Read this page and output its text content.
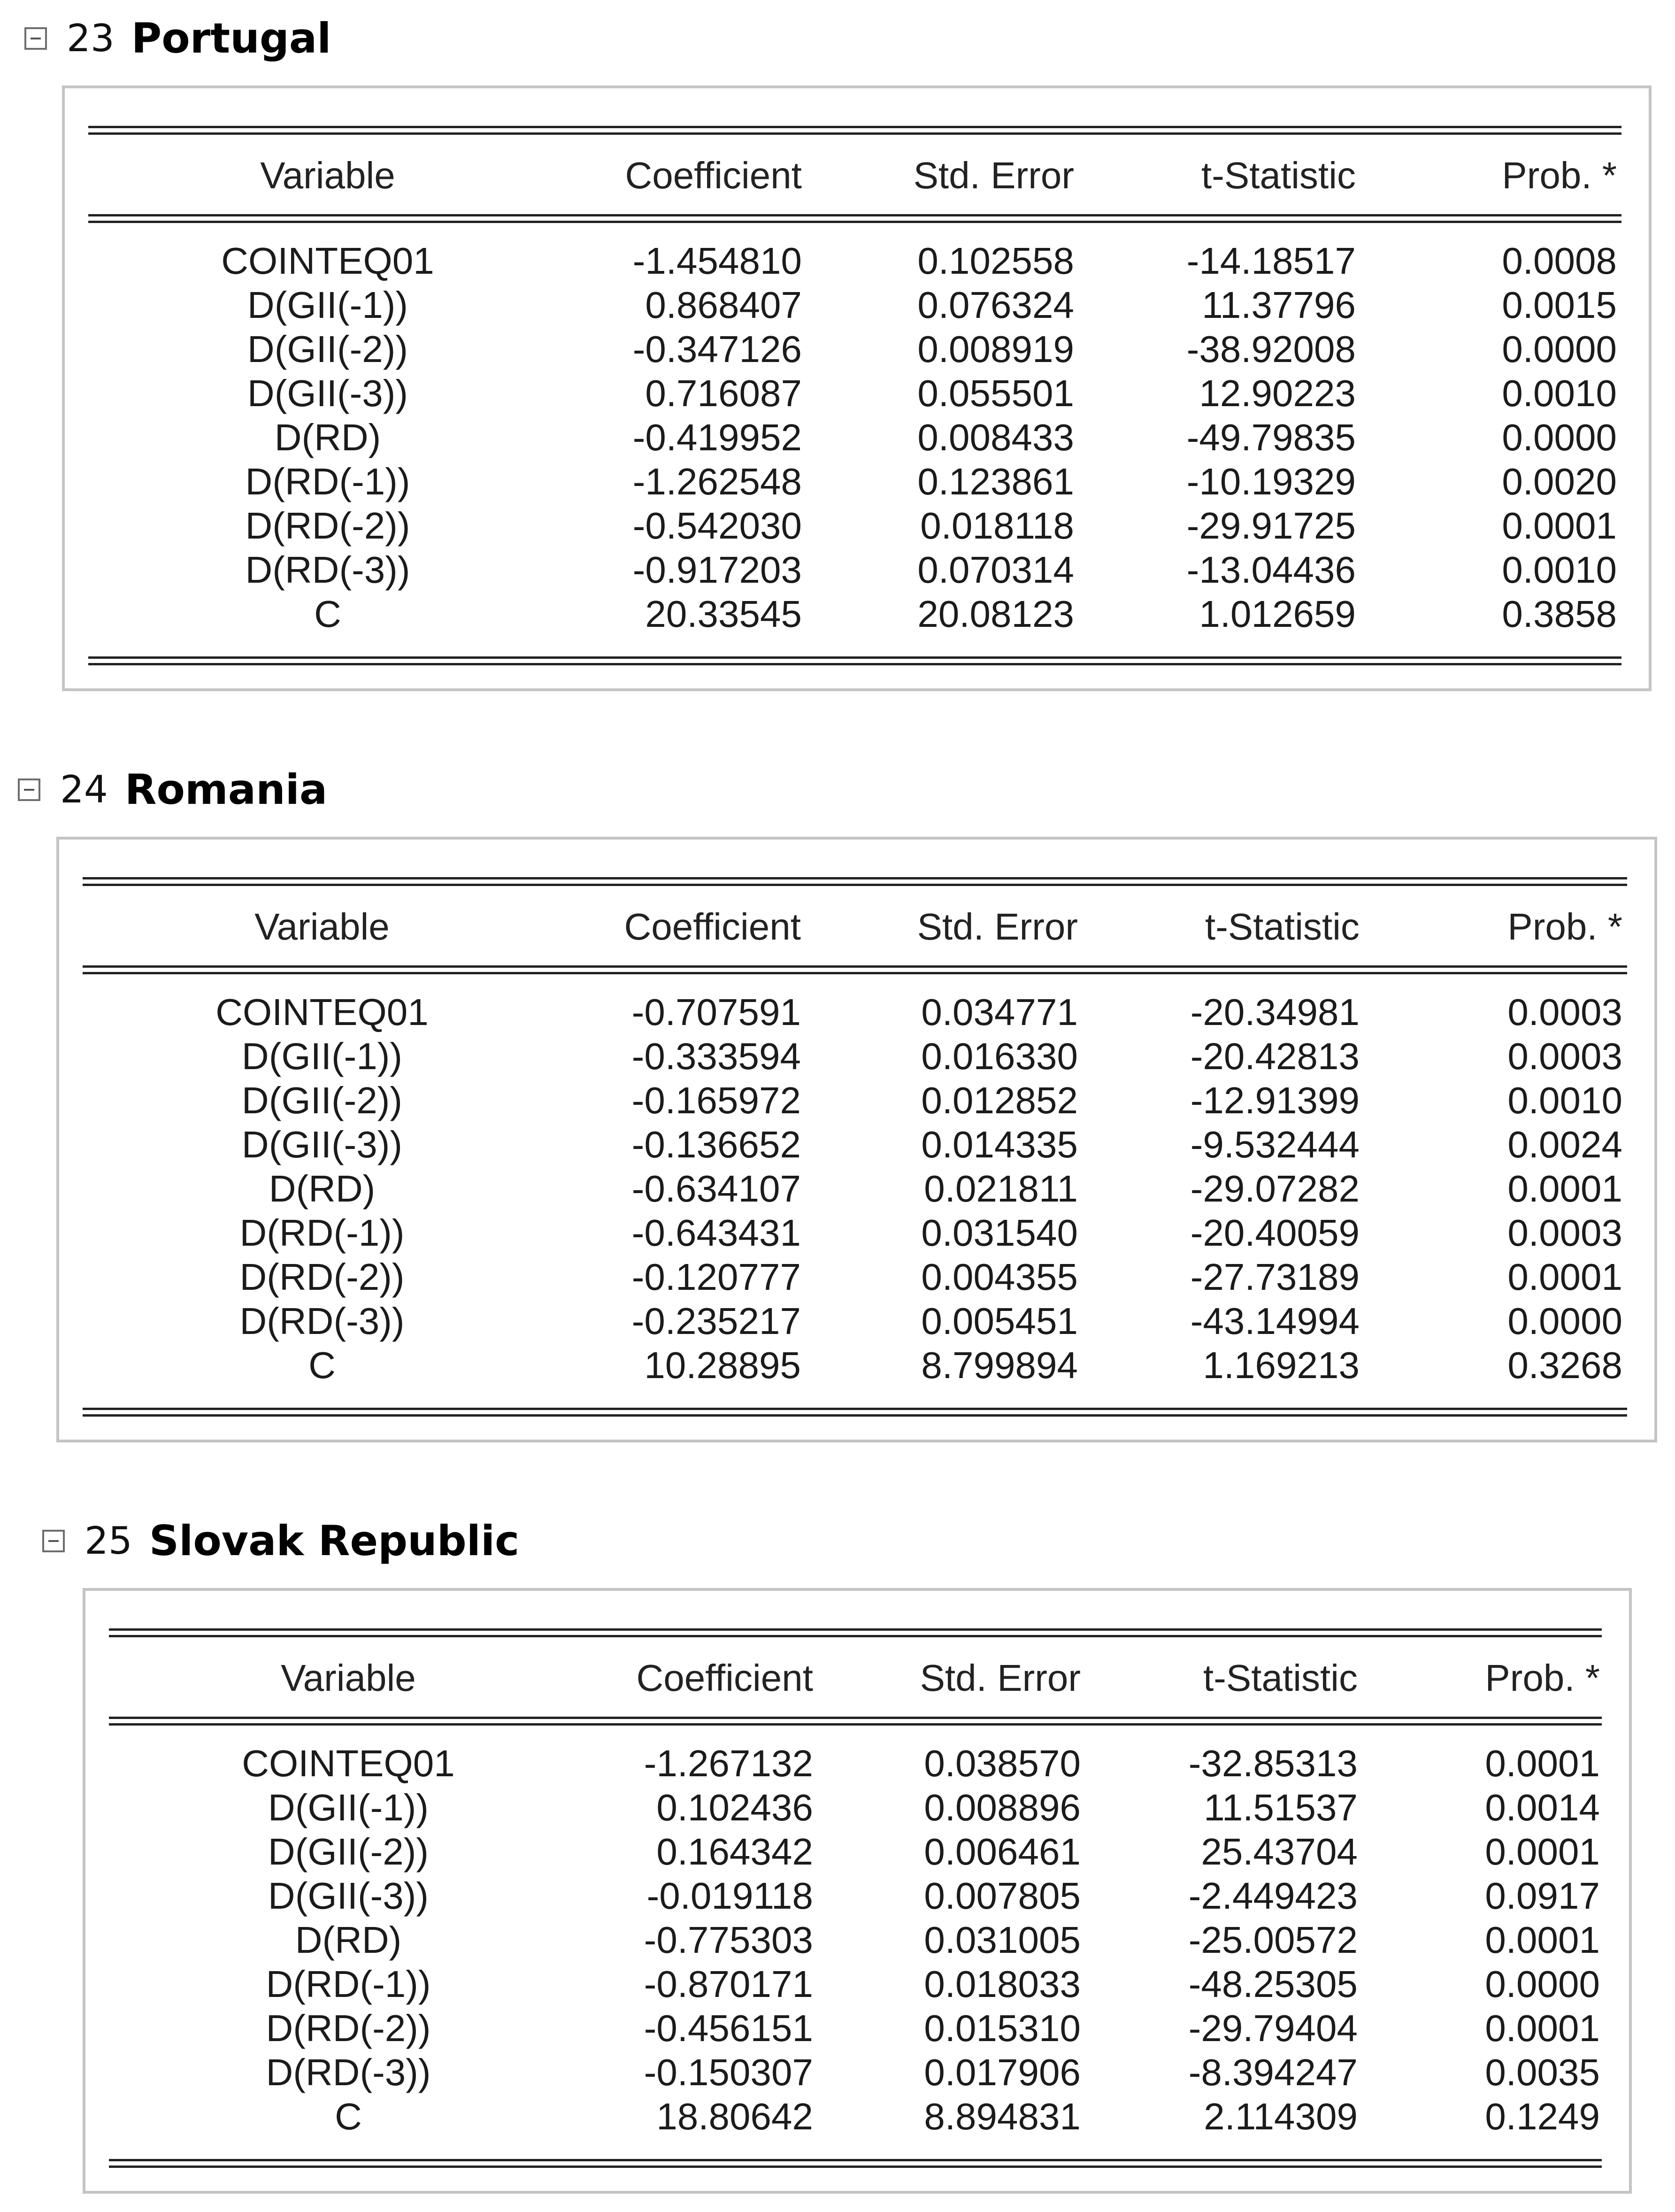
23 Portugal
Variable	Coefficient	Std. Error	t-Statistic	Prob. *
COINTEQ01	-1.454810	0.102558	-14.18517	0.0008
D(GII(-1))	0.868407	0.076324	11.37796	0.0015
D(GII(-2))	-0.347126	0.008919	-38.92008	0.0000
D(GII(-3))	0.716087	0.055501	12.90223	0.0010
D(RD)	-0.419952	0.008433	-49.79835	0.0000
D(RD(-1))	-1.262548	0.123861	-10.19329	0.0020
D(RD(-2))	-0.542030	0.018118	-29.91725	0.0001
D(RD(-3))	-0.917203	0.070314	-13.04436	0.0010
C	20.33545	20.08123	1.012659	0.3858
24 Romania
Variable	Coefficient	Std. Error	t-Statistic	Prob. *
COINTEQ01	-0.707591	0.034771	-20.34981	0.0003
D(GII(-1))	-0.333594	0.016330	-20.42813	0.0003
D(GII(-2))	-0.165972	0.012852	-12.91399	0.0010
D(GII(-3))	-0.136652	0.014335	-9.532444	0.0024
D(RD)	-0.634107	0.021811	-29.07282	0.0001
D(RD(-1))	-0.643431	0.031540	-20.40059	0.0003
D(RD(-2))	-0.120777	0.004355	-27.73189	0.0001
D(RD(-3))	-0.235217	0.005451	-43.14994	0.0000
C	10.28895	8.799894	1.169213	0.3268
25 Slovak Republic
Variable	Coefficient	Std. Error	t-Statistic	Prob. *
COINTEQ01	-1.267132	0.038570	-32.85313	0.0001
D(GII(-1))	0.102436	0.008896	11.51537	0.0014
D(GII(-2))	0.164342	0.006461	25.43704	0.0001
D(GII(-3))	-0.019118	0.007805	-2.449423	0.0917
D(RD)	-0.775303	0.031005	-25.00572	0.0001
D(RD(-1))	-0.870171	0.018033	-48.25305	0.0000
D(RD(-2))	-0.456151	0.015310	-29.79404	0.0001
D(RD(-3))	-0.150307	0.017906	-8.394247	0.0035
C	18.80642	8.894831	2.114309	0.1249
